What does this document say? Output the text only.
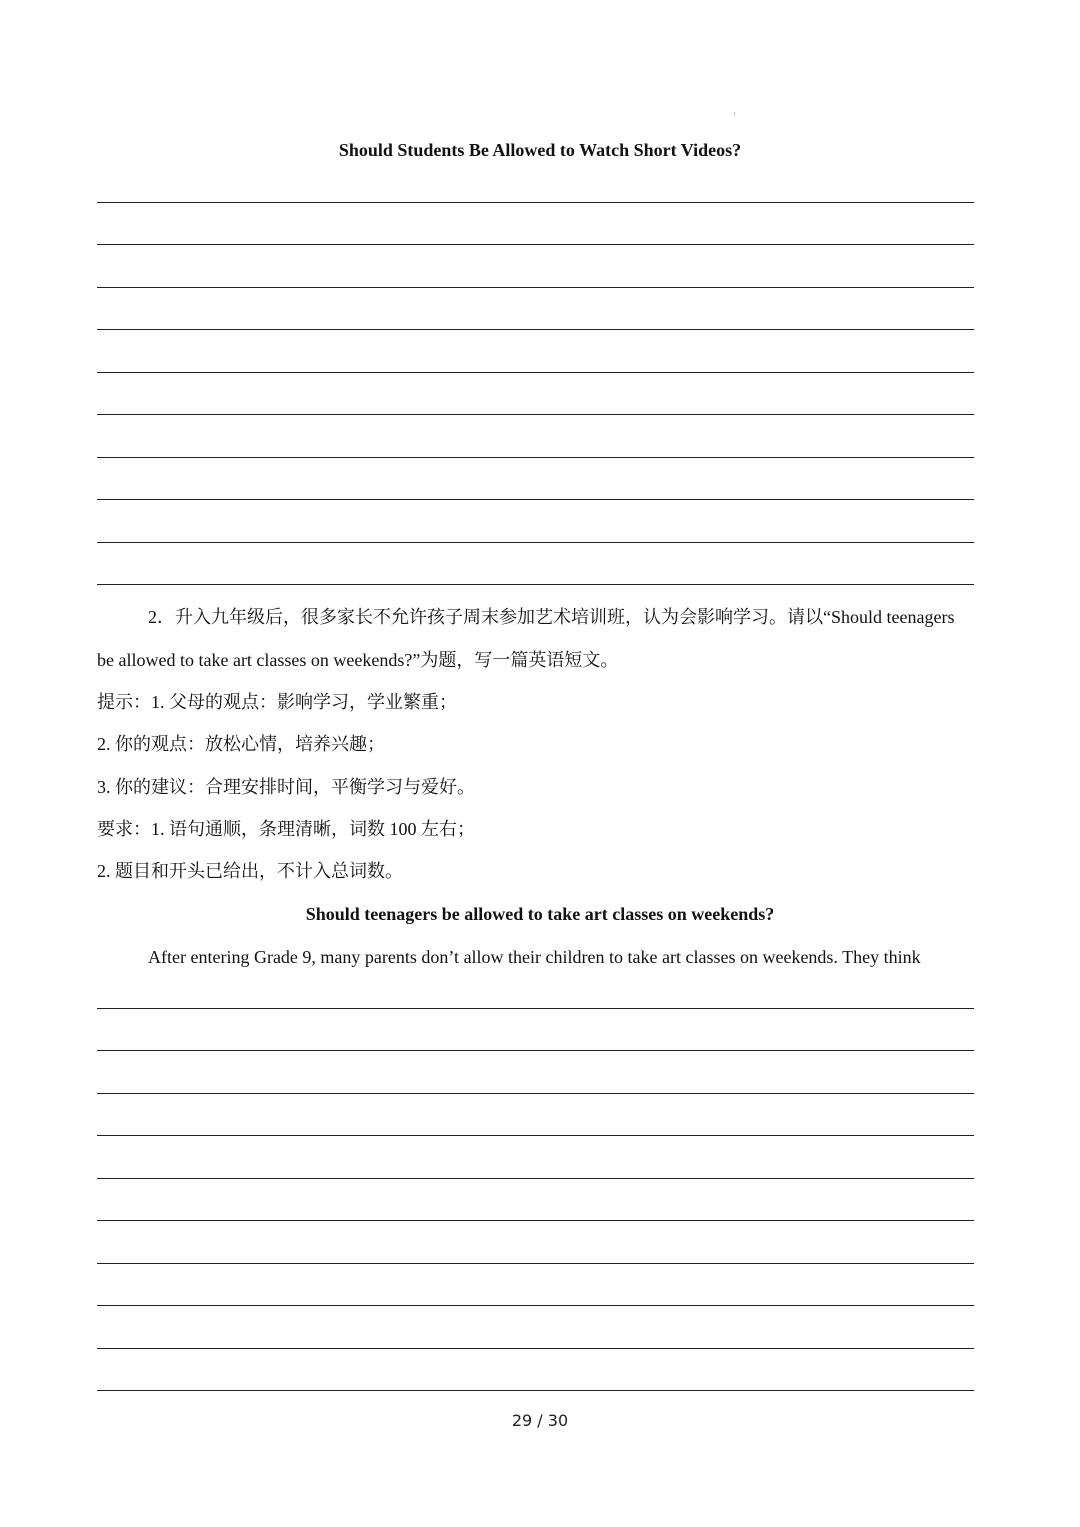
1
Should Students Be Allowed to Watch Short Videos?
2．升入九年级后，很多家长不允许孩子周末参加艺术培训班，认为会影响学习。请以“Should teenagers
be allowed to take art classes on weekends?”为题，写一篇英语短文。
提示：1. 父母的观点：影响学习，学业繁重；
2. 你的观点：放松心情，培养兴趣；
3. 你的建议：合理安排时间，平衡学习与爱好。
要求：1. 语句通顺，条理清晰，词数 100 左右；
2. 题目和开头已给出，不计入总词数。
Should teenagers be allowed to take art classes on weekends?
After entering Grade 9, many parents don’t allow their children to take art classes on weekends. They think
29 / 30
